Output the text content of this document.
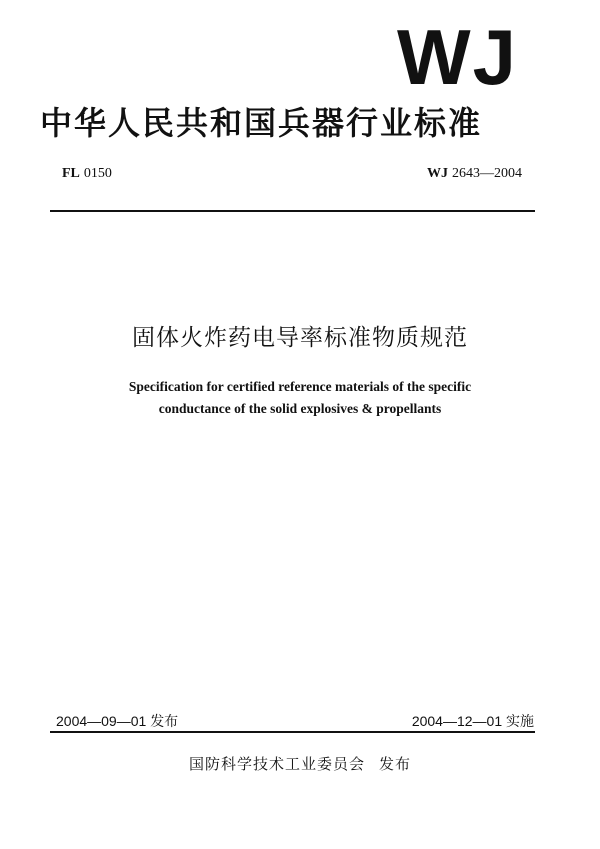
WJ
中华人民共和国兵器行业标准
FL 0150	WJ 2643—2004
固体火炸药电导率标准物质规范
Specification for certified reference materials of the specific
conductance of the solid explosives & propellants
2004—09—01 发布	2004—12—01 实施
国防科学技术工业委员会 发布
